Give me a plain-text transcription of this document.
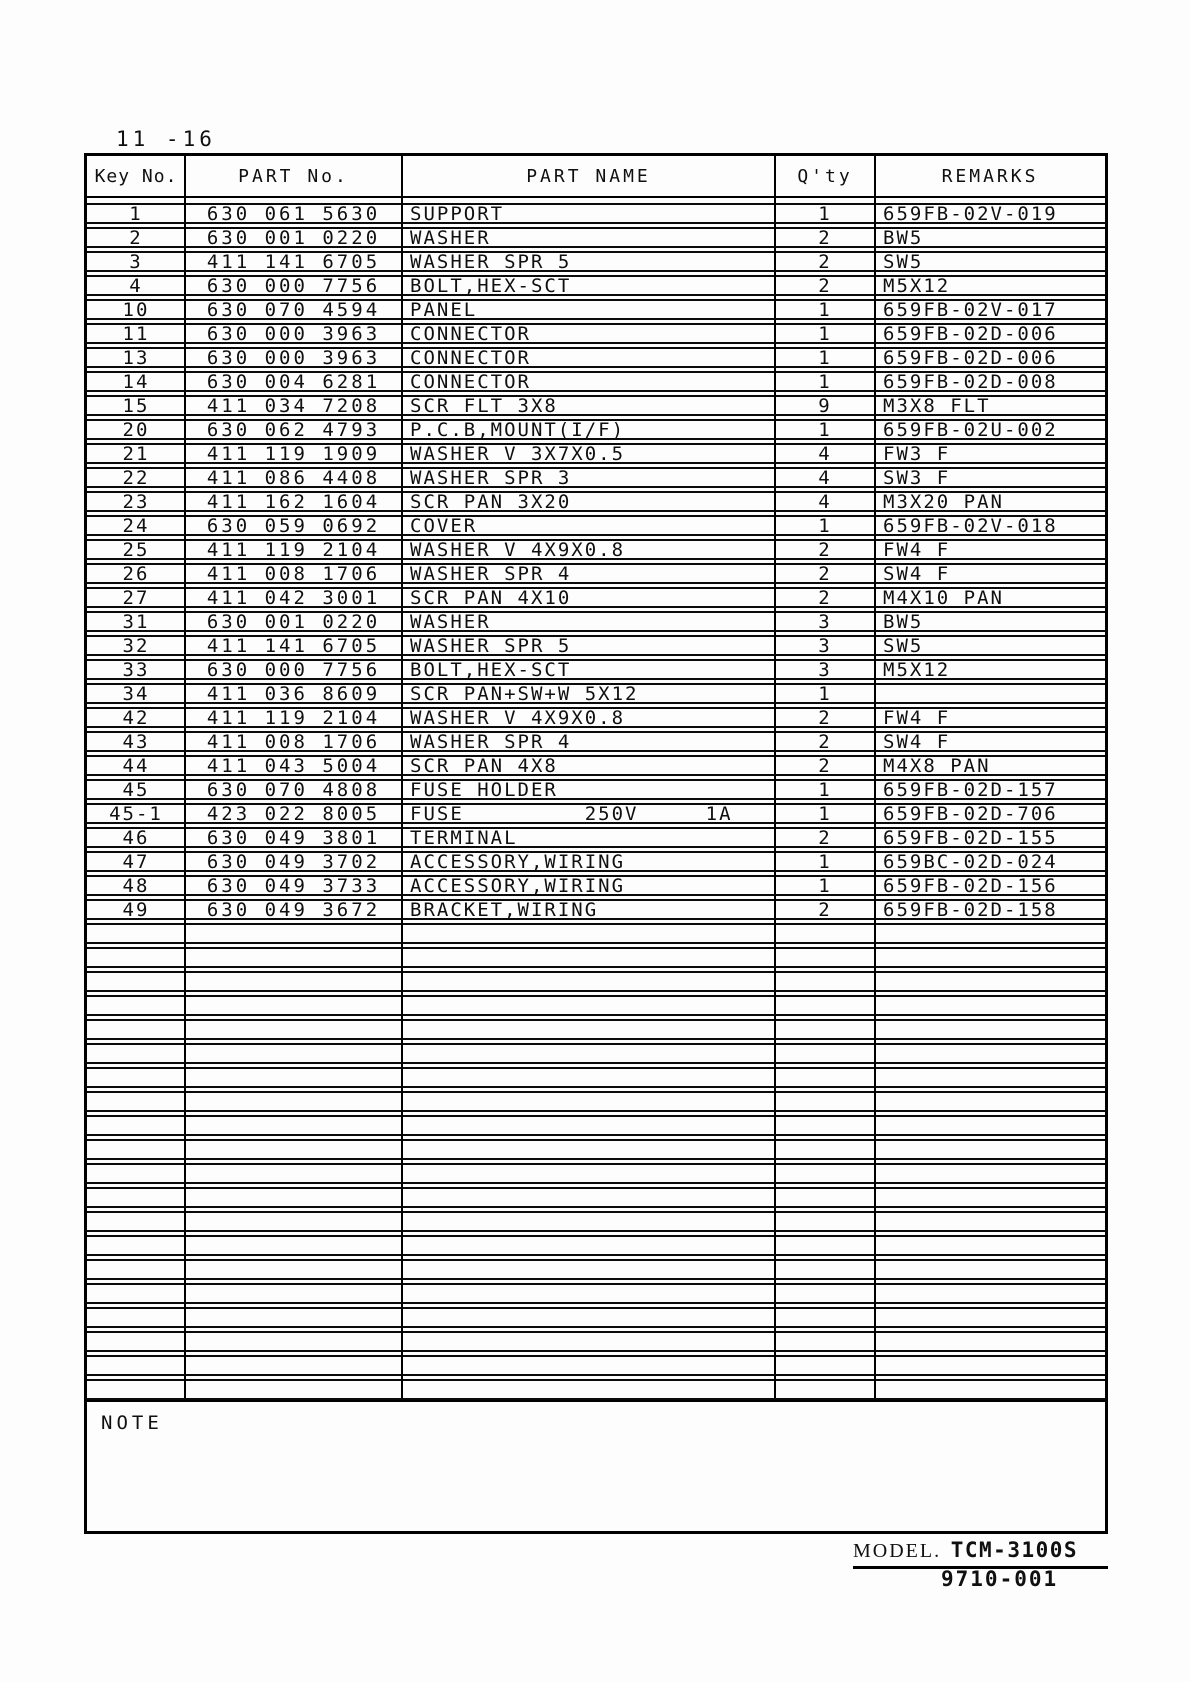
11 -16
Key No.	PART No.	PART NAME	Q'ty	REMARKS
1	630 061 5630	SUPPORT	1	659FB-02V-019
2	630 001 0220	WASHER	2	BW5
3	411 141 6705	WASHER SPR 5	2	SW5
4	630 000 7756	BOLT,HEX-SCT	2	M5X12
10	630 070 4594	PANEL	1	659FB-02V-017
11	630 000 3963	CONNECTOR	1	659FB-02D-006
13	630 000 3963	CONNECTOR	1	659FB-02D-006
14	630 004 6281	CONNECTOR	1	659FB-02D-008
15	411 034 7208	SCR FLT 3X8	9	M3X8 FLT
20	630 062 4793	P.C.B,MOUNT(I/F)	1	659FB-02U-002
21	411 119 1909	WASHER V 3X7X0.5	4	FW3 F
22	411 086 4408	WASHER SPR 3	4	SW3 F
23	411 162 1604	SCR PAN 3X20	4	M3X20 PAN
24	630 059 0692	COVER	1	659FB-02V-018
25	411 119 2104	WASHER V 4X9X0.8	2	FW4 F
26	411 008 1706	WASHER SPR 4	2	SW4 F
27	411 042 3001	SCR PAN 4X10	2	M4X10 PAN
31	630 001 0220	WASHER	3	BW5
32	411 141 6705	WASHER SPR 5	3	SW5
33	630 000 7756	BOLT,HEX-SCT	3	M5X12
34	411 036 8609	SCR PAN+SW+W 5X12	1
42	411 119 2104	WASHER V 4X9X0.8	2	FW4 F
43	411 008 1706	WASHER SPR 4	2	SW4 F
44	411 043 5004	SCR PAN 4X8	2	M4X8 PAN
45	630 070 4808	FUSE HOLDER	1	659FB-02D-157
45-1	423 022 8005	FUSE         250V     1A	1	659FB-02D-706
46	630 049 3801	TERMINAL	2	659FB-02D-155
47	630 049 3702	ACCESSORY,WIRING	1	659BC-02D-024
48	630 049 3733	ACCESSORY,WIRING	1	659FB-02D-156
49	630 049 3672	BRACKET,WIRING	2	659FB-02D-158
NOTE
MODEL. TCM-3100S
9710-001
